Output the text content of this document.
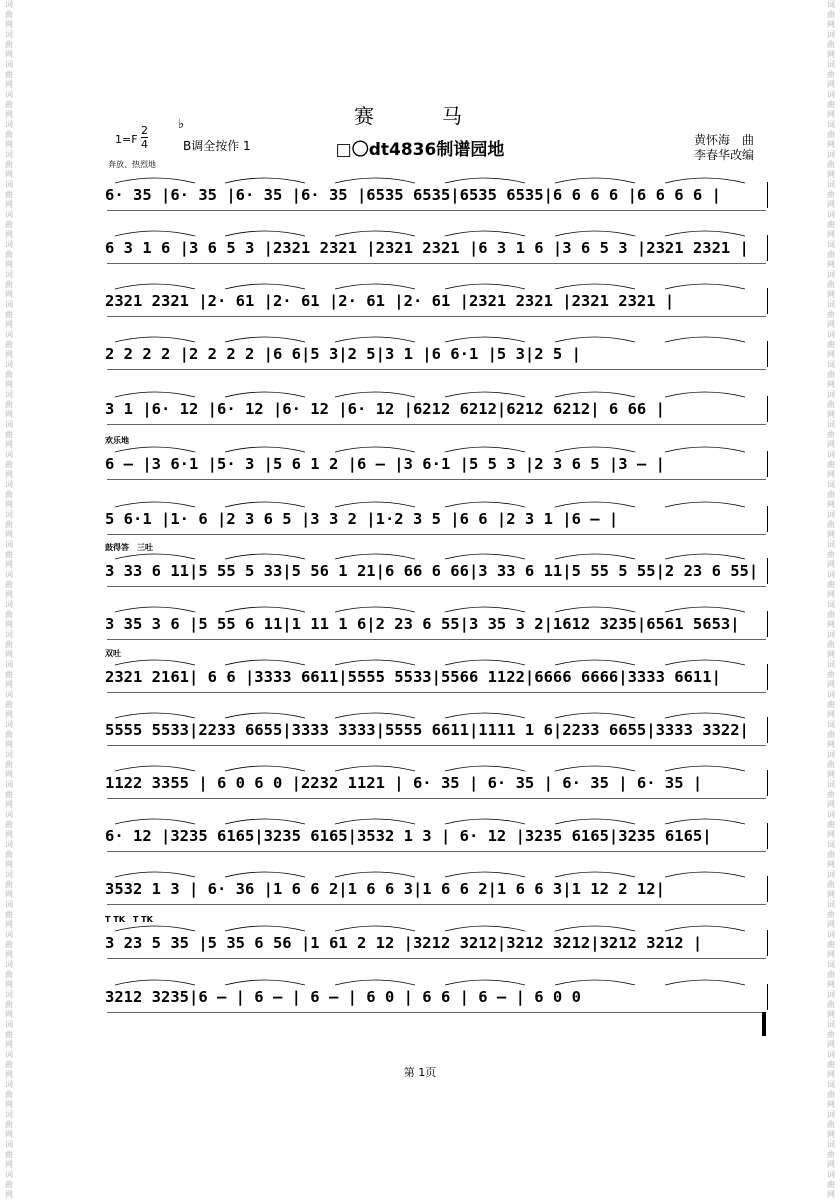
词
曲
网
词
曲
网
词
曲
网
词
曲
网
词
曲
网
词
曲
网
词
曲
网
词
曲
网
词
曲
网
词
曲
网
词
曲
网
词
曲
网
词
曲
网
词
曲
网
词
曲
网
词
曲
网
词
曲
网
词
曲
网
词
曲
网
词
曲
网
词
曲
网
词
曲
网
词
曲
网
词
曲
网
词
曲
网
词
曲
网
词
曲
网
词
曲
网
词
曲
网
词
曲
网
词
曲
网
词
曲
网
词
曲
网
词
曲
网
词
曲
网
词
曲
网
词
曲
网
词
曲
网
词
曲
网
词
曲
网
词
曲
网
词
曲
网
词
曲
网
词
曲
网
词
曲
网
词
曲
网
词
曲
网
词
曲
网
词
曲
网
词
曲
网
词
曲
网
词
曲
网
词
曲
网
词
曲
网
词
曲
网
词
曲
网
词
曲
网
词
曲
网
词
曲
网
词
曲
网
词
曲
网
词
曲
网
词
曲
网
词
曲
网
词
曲
网
词
曲
网
词
曲
网
词
曲
网
词
曲
网
词
曲
网
词
曲
网
词
曲
网
词
曲
网
词
曲
网
词
曲
网
词
曲
网
词
曲
网
词
曲
网
词
曲
网
词
曲
网
赛　马
□〇dt4836制谱园地
$1=F \frac{2}{4}$ ♭
B调全按作 1	黄怀海　曲
李春华改编
奔放、热烈地
6· 35 |6· 35 |6· 35 |6· 35 |6535 6535|6535 6535|6 6 6 6 |6 6 6 6 |
6 3 1 6 |3 6 5 3 |2321 2321 |2321 2321 |6 3 1 6 |3 6 5 3 |2321 2321 |
2321 2321 |2· 61 |2· 61 |2· 61 |2· 61 |2321 2321 |2321 2321 |
2 2 2 2 |2 2 2 2 |6 6|5 3|2 5|3 1 |6 6·1 |5 3|2 5 |
3 1 |6· 12 |6· 12 |6· 12 |6· 12 |6212 6212|6212 6212| 6 66 |
欢乐地
6 – |3 6·1 |5· 3 |5 6 1 2 |6 – |3 6·1 |5 5 3 |2 3 6 5 |3 – |
5 6·1 |1· 6 |2 3 6 5 |3 3 2 |1·2 3 5 |6 6 |2 3 1 |6 – |
鼓得答　三吐
3 33 6 11|5 55 5 33|5 56 1 21|6 66 6 66|3 33 6 11|5 55 5 55|2 23 6 55|
3 35 3 6 |5 55 6 11|1 11 1 6|2 23 6 55|3 35 3 2|1612 3235|6561 5653|
双吐
2321 2161| 6 6 |3333 6611|5555 5533|5566 1122|6666 6666|3333 6611|
5555 5533|2233 6655|3333 3333|5555 6611|1111 1 6|2233 6655|3333 3322|
1122 3355 | 6 0 6 0 |2232 1121 | 6· 35 | 6· 35 | 6· 35 | 6· 35 |
6· 12 |3235 6165|3235 6165|3532 1 3 | 6· 12 |3235 6165|3235 6165|
3532 1 3 | 6· 36 |1 6 6 2|1 6 6 3|1 6 6 2|1 6 6 3|1 12 2 12|
T TK　T TK
3 23 5 35 |5 35 6 56 |1 61 2 12 |3212 3212|3212 3212|3212 3212 |
3212 3235|6 – | 6 – | 6 – | 6 0 | 6 6 | 6 – | 6 0 0
第 1页
